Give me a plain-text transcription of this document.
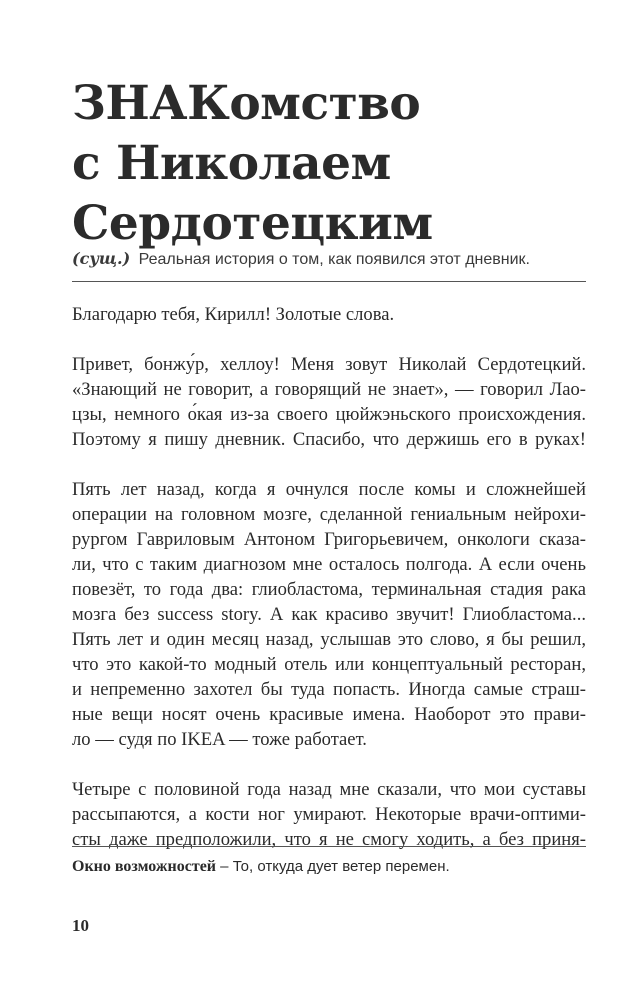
ЗНАКомство
с Николаем
Сердотецким
(сущ.) Реальная история о том, как появился этот дневник.

Благодарю тебя, Кирилл! Золотые слова.

Привет, бонжу́р, хеллоу! Меня зовут Николай Сердотецкий.
«Знающий не говорит, а говорящий не знает», — говорил Лао-
цзы, немного о́кая из-за своего цюйжэньского происхождения.
Поэтому я пишу дневник. Спасибо, что держишь его в руках!

Пять лет назад, когда я очнулся после комы и сложнейшей
операции на головном мозге, сделанной гениальным нейрохи-
рургом Гавриловым Антоном Григорьевичем, онкологи сказа-
ли, что с таким диагнозом мне осталось полгода. А если очень
повезёт, то года два: глиобластома, терминальная стадия рака
мозга без success story. А как красиво звучит! Глиобластома...
Пять лет и один месяц назад, услышав это слово, я бы решил,
что это какой-то модный отель или концептуальный ресторан,
и непременно захотел бы туда попасть. Иногда самые страш-
ные вещи носят очень красивые имена. Наоборот это прави-
ло — судя по IKEA — тоже работает.

Четыре с половиной года назад мне сказали, что мои суставы
рассыпаются, а кости ног умирают. Некоторые врачи-оптими-
сты даже предположили, что я не смогу ходить, а без приня-

Окно возможностей – То, откуда дует ветер перемен.
10
